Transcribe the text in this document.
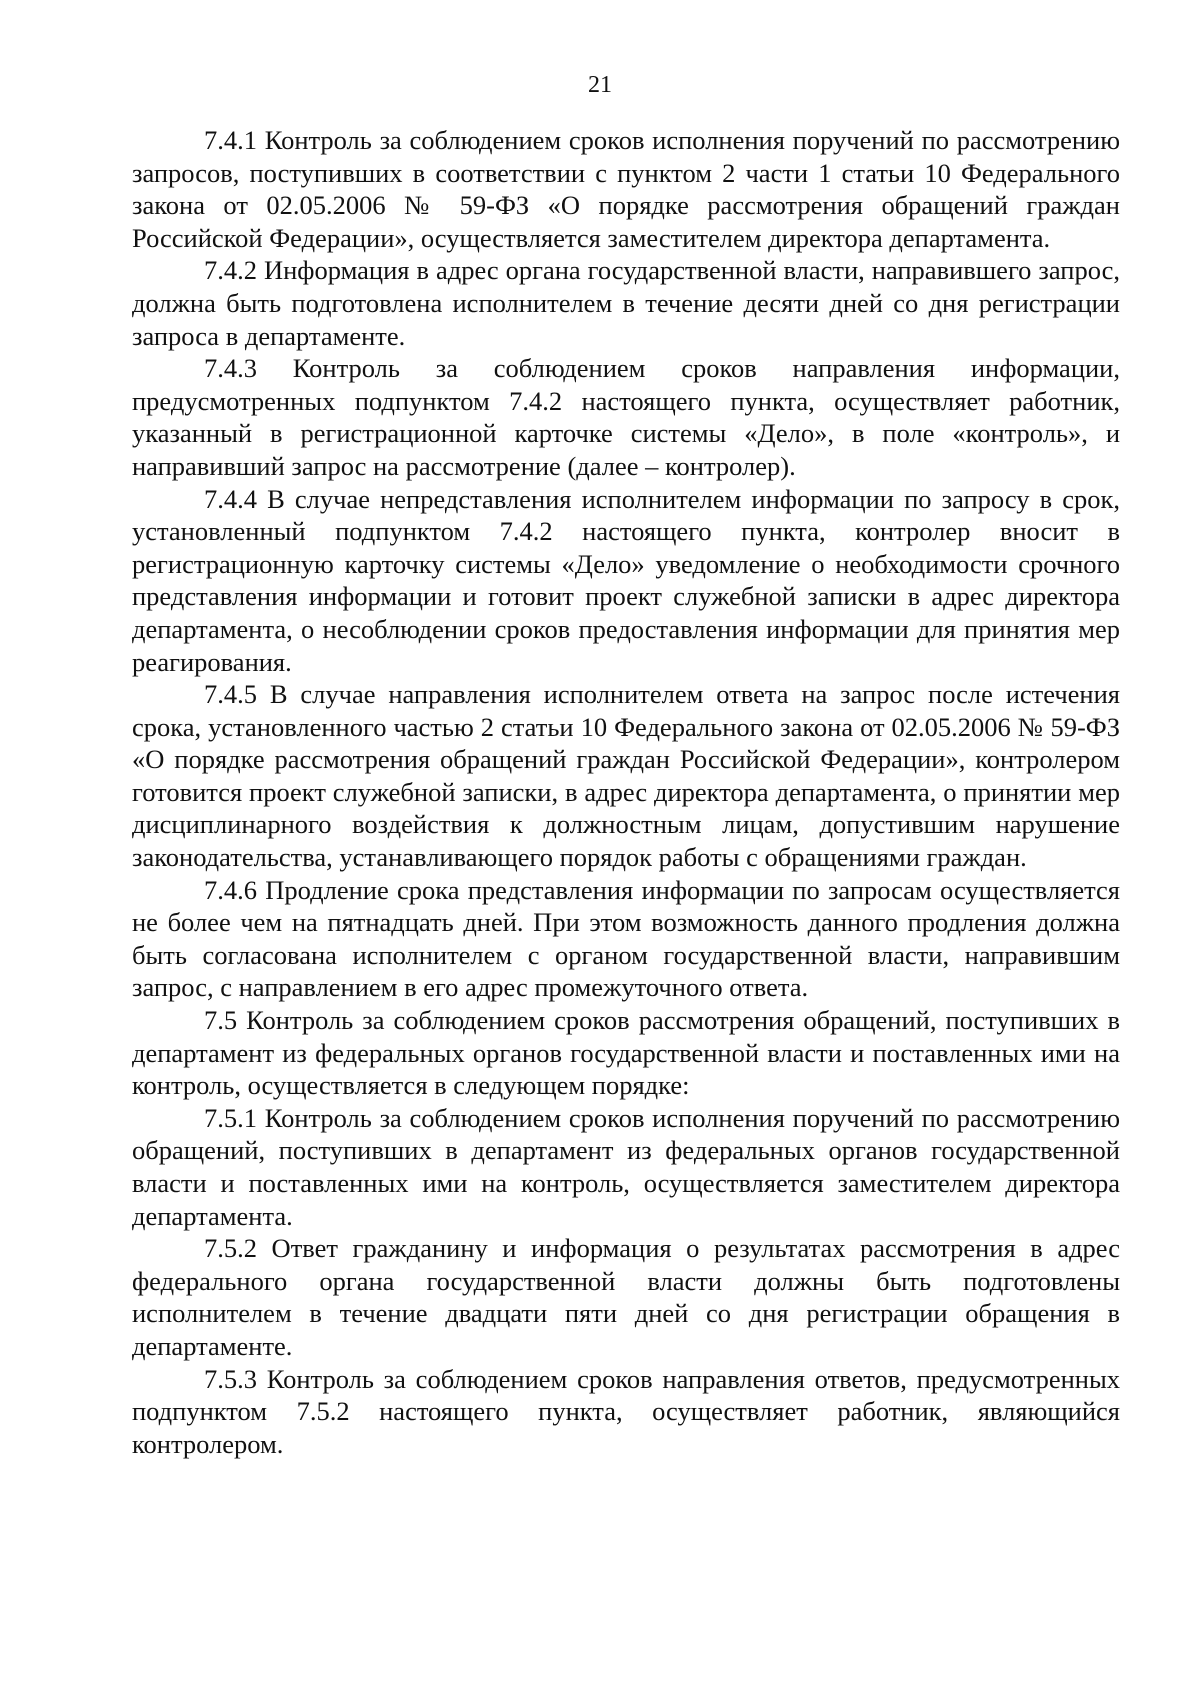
21

7.4.1 Контроль за соблюдением сроков исполнения поручений по рассмотрению запросов, поступивших в соответствии с пунктом 2 части 1 статьи 10 Федерального закона от 02.05.2006 № 59-ФЗ «О порядке рассмотрения обращений граждан Российской Федерации», осуществляется заместителем директора департамента.

7.4.2 Информация в адрес органа государственной власти, направившего запрос, должна быть подготовлена исполнителем в течение десяти дней со дня регистрации запроса в департаменте.

7.4.3 Контроль за соблюдением сроков направления информации, предусмотренных подпунктом 7.4.2 настоящего пункта, осуществляет работник, указанный в регистрационной карточке системы «Дело», в поле «контроль», и направивший запрос на рассмотрение (далее – контролер).

7.4.4 В случае непредставления исполнителем информации по запросу в срок, установленный подпунктом 7.4.2 настоящего пункта, контролер вносит в регистрационную карточку системы «Дело» уведомление о необходимости срочного представления информации и готовит проект служебной записки в адрес директора департамента, о несоблюдении сроков предоставления информации для принятия мер реагирования.

7.4.5 В случае направления исполнителем ответа на запрос после истечения срока, установленного частью 2 статьи 10 Федерального закона от 02.05.2006 № 59-ФЗ «О порядке рассмотрения обращений граждан Российской Федерации», контролером готовится проект служебной записки, в адрес директора департамента, о принятии мер дисциплинарного воздействия к должностным лицам, допустившим нарушение законодательства, устанавливающего порядок работы с обращениями граждан.

7.4.6 Продление срока представления информации по запросам осуществляется не более чем на пятнадцать дней. При этом возможность данного продления должна быть согласована исполнителем с органом государственной власти, направившим запрос, с направлением в его адрес промежуточного ответа.

7.5 Контроль за соблюдением сроков рассмотрения обращений, поступивших в департамент из федеральных органов государственной власти и поставленных ими на контроль, осуществляется в следующем порядке:

7.5.1 Контроль за соблюдением сроков исполнения поручений по рассмотрению обращений, поступивших в департамент из федеральных органов государственной власти и поставленных ими на контроль, осуществляется заместителем директора департамента.

7.5.2 Ответ гражданину и информация о результатах рассмотрения в адрес федерального органа государственной власти должны быть подготовлены исполнителем в течение двадцати пяти дней со дня регистрации обращения в департаменте.

7.5.3 Контроль за соблюдением сроков направления ответов, предусмотренных подпунктом 7.5.2 настоящего пункта, осуществляет работник, являющийся контролером.
